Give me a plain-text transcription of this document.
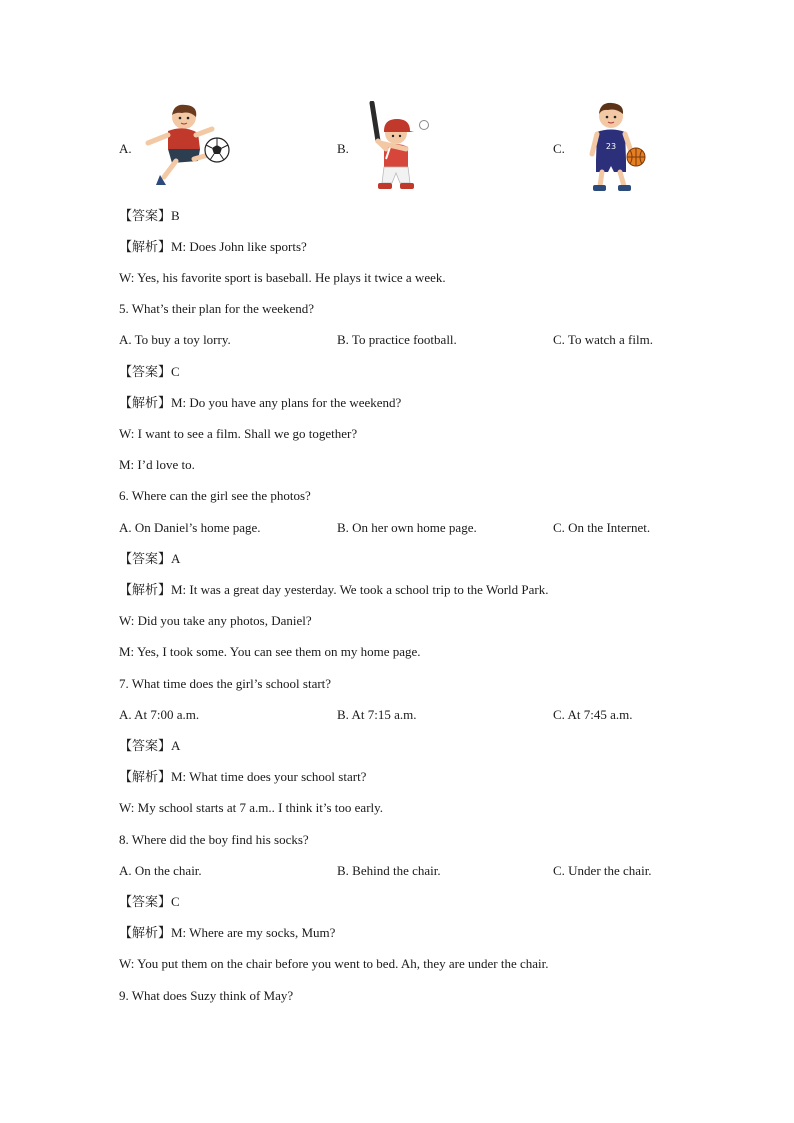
A.	B.	C.	23
【答案】B
【解析】M: Does John like sports?
W: Yes, his favorite sport is baseball. He plays it twice a week.
5. What’s their plan for the weekend?
A. To buy a toy lorry.	B. To practice football.	C. To watch a film.
【答案】C
【解析】M: Do you have any plans for the weekend?
W: I want to see a film. Shall we go together?
M: I’d love to.
6. Where can the girl see the photos?
A. On Daniel’s home page.	B. On her own home page.	C. On the Internet.
【答案】A
【解析】M: It was a great day yesterday. We took a school trip to the World Park.
W: Did you take any photos, Daniel?
M: Yes, I took some. You can see them on my home page.
7. What time does the girl’s school start?
A. At 7:00 a.m.	B. At 7:15 a.m.	C. At 7:45 a.m.
【答案】A
【解析】M: What time does your school start?
W: My school starts at 7 a.m.. I think it’s too early.
8. Where did the boy find his socks?
A. On the chair.	B. Behind the chair.	C. Under the chair.
【答案】C
【解析】M: Where are my socks, Mum?
W: You put them on the chair before you went to bed. Ah, they are under the chair.
9. What does Suzy think of May?
